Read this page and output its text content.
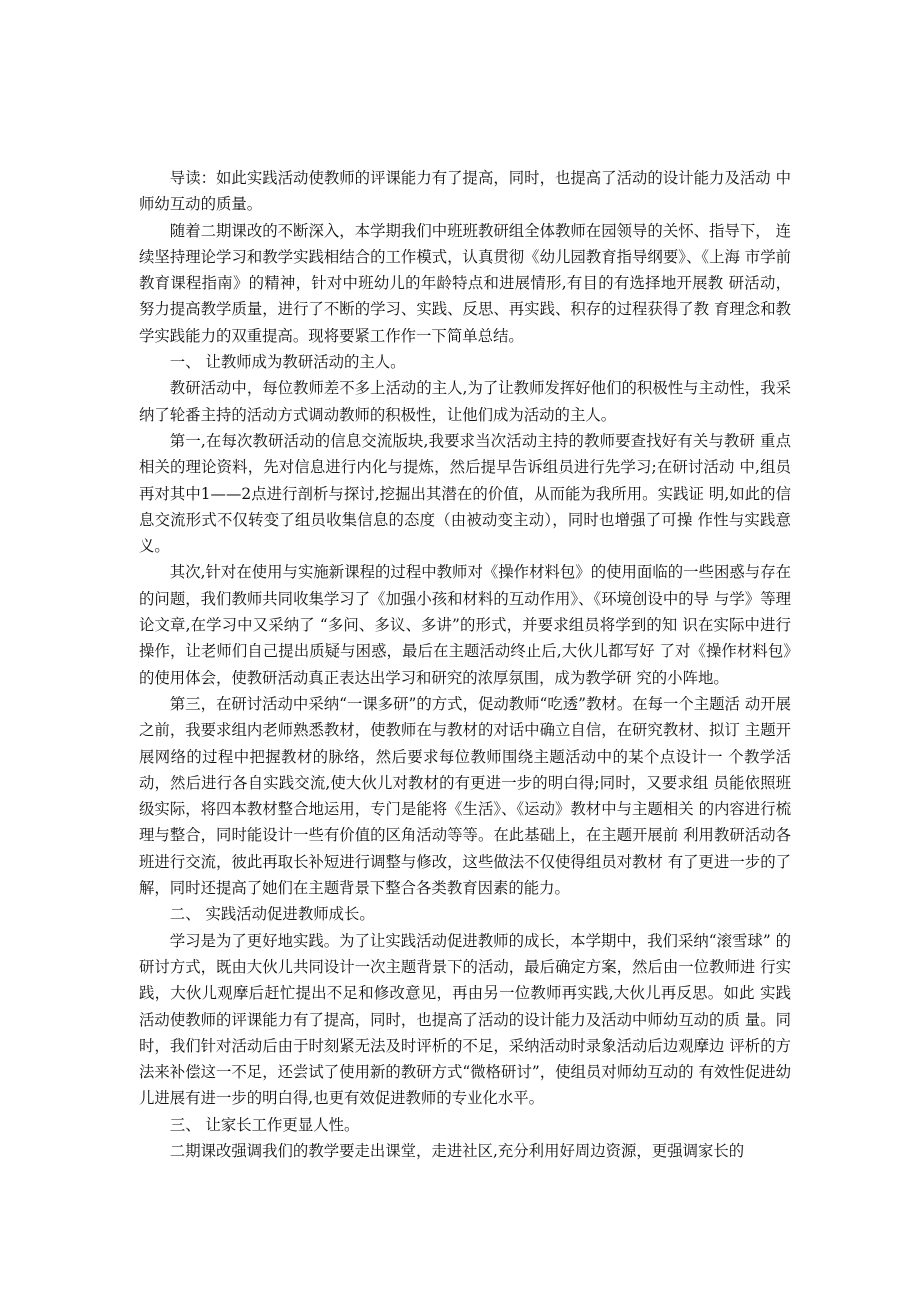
导读：如此实践活动使教师的评课能力有了提高，同时，也提高了活动的设计能力及活动 中师幼互动的质量。

随着二期课改的不断深入，本学期我们中班班教研组全体教师在园领导的关怀、指导下， 连续坚持理论学习和教学实践相结合的工作模式，认真贯彻《幼儿园教育指导纲要》、《上海 市学前教育课程指南》的精神，针对中班幼儿的年龄特点和进展情形,有目的有选择地开展教 研活动，努力提高教学质量，进行了不断的学习、实践、反思、再实践、积存的过程获得了教 育理念和教学实践能力的双重提高。现将要紧工作作一下简单总结。

一、 让教师成为教研活动的主人。

教研活动中，每位教师差不多上活动的主人,为了让教师发挥好他们的积极性与主动性，我采纳了轮番主持的活动方式调动教师的积极性，让他们成为活动的主人。

第一,在每次教研活动的信息交流版块,我要求当次活动主持的教师要查找好有关与教研 重点相关的理论资料，先对信息进行内化与提炼，然后提早告诉组员进行先学习;在研讨活动 中,组员再对其中1——2点进行剖析与探讨,挖掘出其潜在的价值，从而能为我所用。实践证 明,如此的信息交流形式不仅转变了组员收集信息的态度（由被动变主动），同时也增强了可操 作性与实践意义。

其次,针对在使用与实施新课程的过程中教师对《操作材料包》的使用面临的一些困惑与存在的问题，我们教师共同收集学习了《加强小孩和材料的互动作用》、《环境创设中的导 与学》等理论文章,在学习中又采纳了 “多问、多议、多讲”的形式，并要求组员将学到的知 识在实际中进行操作，让老师们自己提出质疑与困惑，最后在主题活动终止后,大伙儿都写好 了对《操作材料包》的使用体会，使教研活动真正表达出学习和研究的浓厚氛围，成为教学研 究的小阵地。

第三，在研讨活动中采纳“一课多研”的方式，促动教师“吃透”教材。在每一个主题活 动开展之前，我要求组内老师熟悉教材，使教师在与教材的对话中确立自信，在研究教材、拟订 主题开展网络的过程中把握教材的脉络，然后要求每位教师围绕主题活动中的某个点设计一 个教学活动，然后进行各自实践交流,使大伙儿对教材的有更进一步的明白得;同时，又要求组 员能依照班级实际，将四本教材整合地运用，专门是能将《生活》、《运动》教材中与主题相关 的内容进行梳理与整合，同时能设计一些有价值的区角活动等等。在此基础上，在主题开展前 利用教研活动各班进行交流，彼此再取长补短进行调整与修改，这些做法不仅使得组员对教材 有了更进一步的了解，同时还提高了她们在主题背景下整合各类教育因素的能力。

二、 实践活动促进教师成长。

学习是为了更好地实践。为了让实践活动促进教师的成长，本学期中，我们采纳“滚雪球” 的研讨方式，既由大伙儿共同设计一次主题背景下的活动，最后确定方案，然后由一位教师进 行实践，大伙儿观摩后赶忙提出不足和修改意见，再由另一位教师再实践,大伙儿再反思。如此 实践活动使教师的评课能力有了提高，同时，也提高了活动的设计能力及活动中师幼互动的质 量。同时，我们针对活动后由于时刻紧无法及时评析的不足，采纳活动时录象活动后边观摩边 评析的方法来补偿这一不足，还尝试了使用新的教研方式“微格研讨”，使组员对师幼互动的 有效性促进幼儿进展有进一步的明白得,也更有效促进教师的专业化水平。

三、 让家长工作更显人性。

二期课改强调我们的教学要走出课堂，走进社区,充分利用好周边资源，更强调家长的
